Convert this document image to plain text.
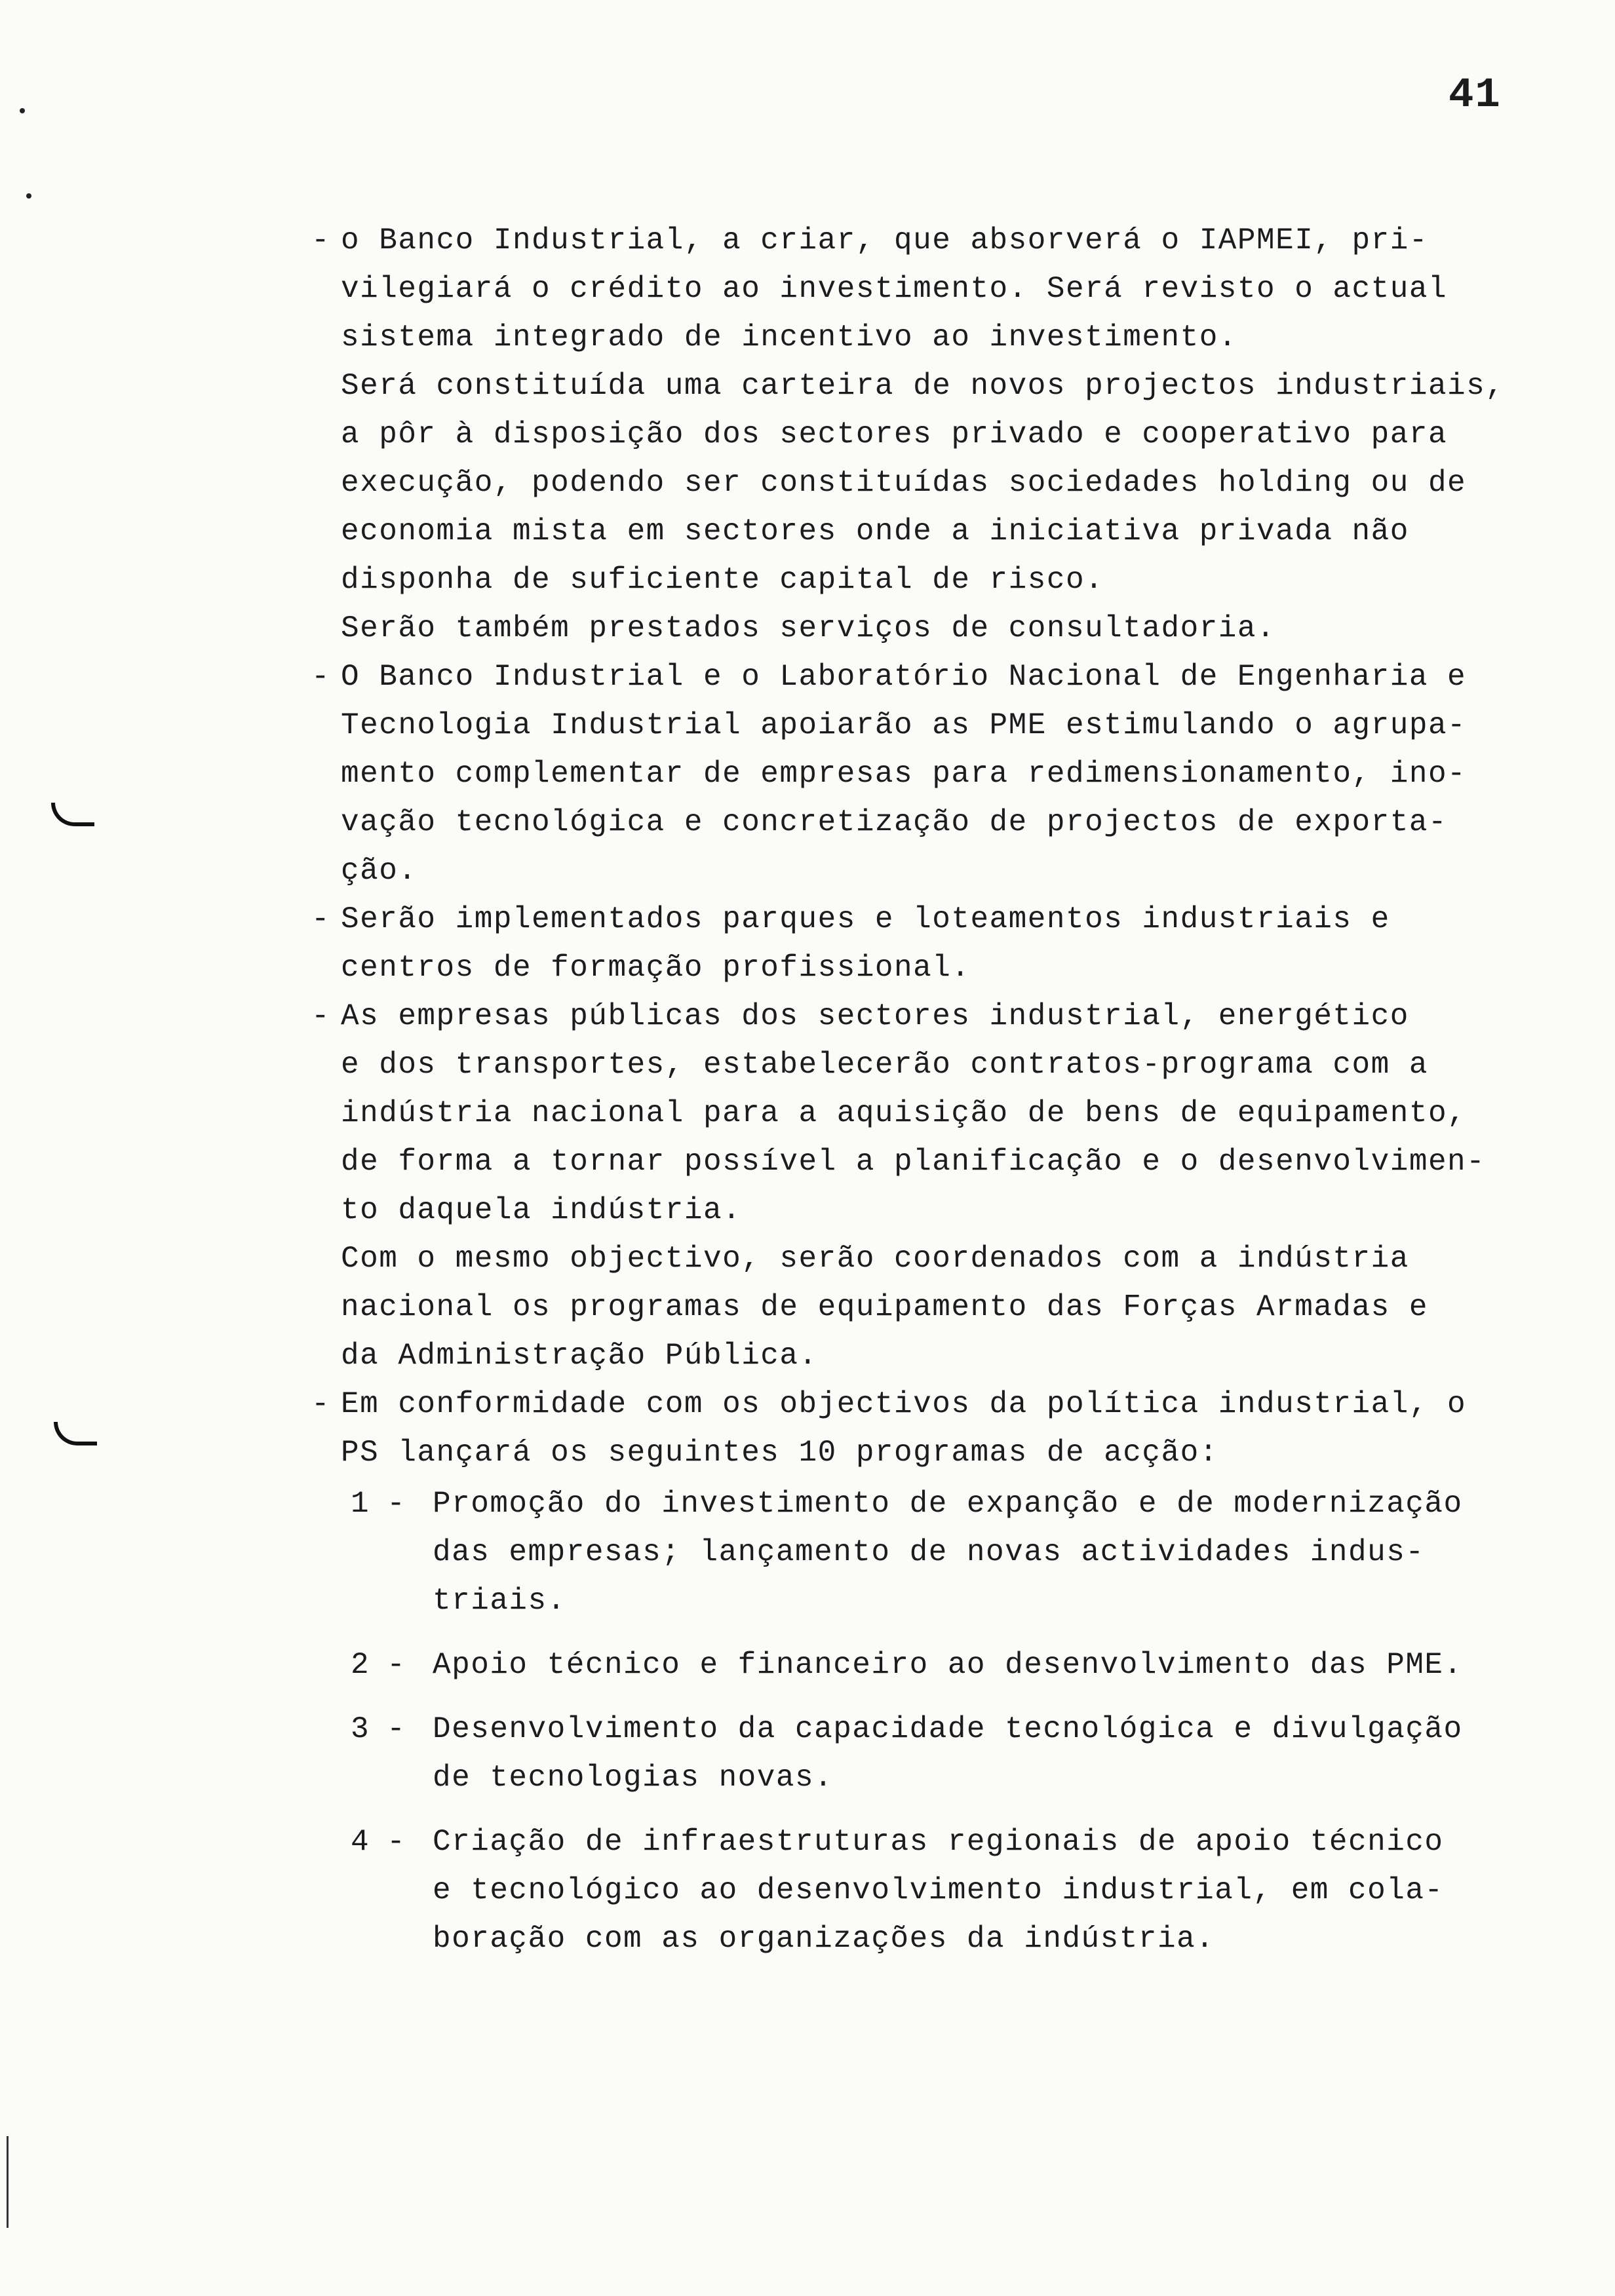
41
- o Banco Industrial, a criar, que absorverá o IAPMEI, pri-
vilegiará o crédito ao investimento. Será revisto o actual
sistema integrado de incentivo ao investimento.
Será constituída uma carteira de novos projectos industriais,
a pôr à disposição dos sectores privado e cooperativo para
execução, podendo ser constituídas sociedades holding ou de
economia mista em sectores onde a iniciativa privada não
disponha de suficiente capital de risco.
Serão também prestados serviços de consultadoria.
- O Banco Industrial e o Laboratório Nacional de Engenharia e
Tecnologia Industrial apoiarão as PME estimulando o agrupa-
mento complementar de empresas para redimensionamento, ino-
vação tecnológica e concretização de projectos de exporta-
ção.
- Serão implementados parques e loteamentos industriais e
centros de formação profissional.
- As empresas públicas dos sectores industrial, energético
e dos transportes, estabelecerão contratos-programa com a
indústria nacional para a aquisição de bens de equipamento,
de forma a tornar possível a planificação e o desenvolvimen-
to daquela indústria.
Com o mesmo objectivo, serão coordenados com a indústria
nacional os programas de equipamento das Forças Armadas e
da Administração Pública.
- Em conformidade com os objectivos da política industrial, o
PS lançará os seguintes 10 programas de acção:
1 - Promoção do investimento de expanção e de modernização
das empresas; lançamento de novas actividades indus-
triais.
2 - Apoio técnico e financeiro ao desenvolvimento das PME.
3 - Desenvolvimento da capacidade tecnológica e divulgação
de tecnologias novas.
4 - Criação de infraestruturas regionais de apoio técnico
e tecnológico ao desenvolvimento industrial, em cola-
boração com as organizações da indústria.
